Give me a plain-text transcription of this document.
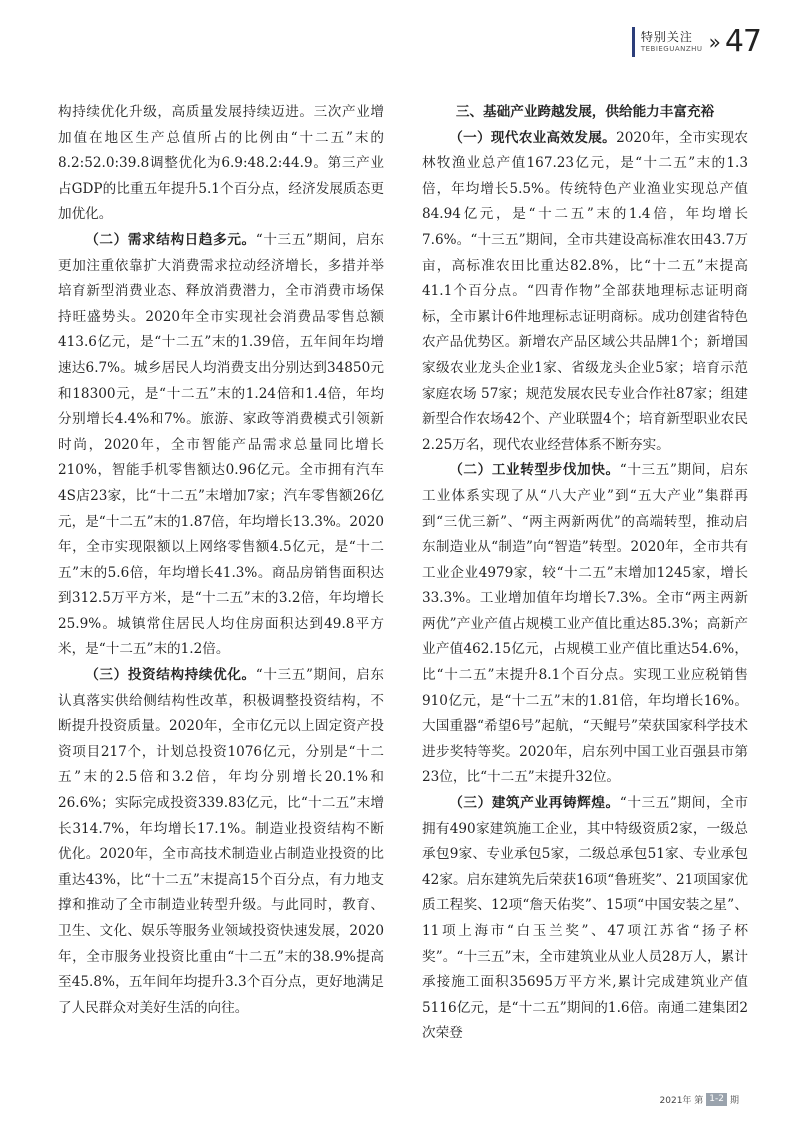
特别关注
TEBIEGUANZHU » 47

构持续优化升级，高质量发展持续迈进。三次产业增加值在地区生产总值所占的比例由“十二五”末的8.2:52.0:39.8调整优化为6.9:48.2:44.9。第三产业占GDP的比重五年提升5.1个百分点，经济发展质态更加优化。

（二）需求结构日趋多元。“十三五”期间，启东更加注重依靠扩大消费需求拉动经济增长，多措并举培育新型消费业态、释放消费潜力，全市消费市场保持旺盛势头。2020年全市实现社会消费品零售总额413.6亿元，是“十二五”末的1.39倍，五年间年均增速达6.7%。城乡居民人均消费支出分别达到34850元和18300元，是“十二五”末的1.24倍和1.4倍，年均分别增长4.4%和7%。旅游、家政等消费模式引领新时尚，2020年，全市智能产品需求总量同比增长210%，智能手机零售额达0.96亿元。全市拥有汽车4S店23家，比“十二五”末增加7家；汽车零售额26亿元，是“十二五”末的1.87倍，年均增长13.3%。2020年，全市实现限额以上网络零售额4.5亿元，是“十二五”末的5.6倍，年均增长41.3%。商品房销售面积达到312.5万平方米，是“十二五”末的3.2倍，年均增长25.9%。城镇常住居民人均住房面积达到49.8平方米，是“十二五”末的1.2倍。

（三）投资结构持续优化。“十三五”期间，启东认真落实供给侧结构性改革，积极调整投资结构，不断提升投资质量。2020年，全市亿元以上固定资产投资项目217个，计划总投资1076亿元，分别是“十二五”末的2.5倍和3.2倍，年均分别增长20.1%和26.6%；实际完成投资339.83亿元，比“十二五”末增长314.7%，年均增长17.1%。制造业投资结构不断优化。2020年，全市高技术制造业占制造业投资的比重达43%，比“十二五”末提高15个百分点，有力地支撑和推动了全市制造业转型升级。与此同时，教育、卫生、文化、娱乐等服务业领域投资快速发展，2020年，全市服务业投资比重由“十二五”末的38.9%提高至45.8%，五年间年均提升3.3个百分点，更好地满足了人民群众对美好生活的向往。

三、基础产业跨越发展，供给能力丰富充裕

（一）现代农业高效发展。2020年，全市实现农林牧渔业总产值167.23亿元，是“十二五”末的1.3倍，年均增长5.5%。传统特色产业渔业实现总产值84.94亿元，是“十二五”末的1.4倍，年均增长7.6%。“十三五”期间，全市共建设高标准农田43.7万亩，高标准农田比重达82.8%，比“十二五”末提高41.1个百分点。“四青作物”全部获地理标志证明商标，全市累计6件地理标志证明商标。成功创建省特色农产品优势区。新增农产品区域公共品牌1个；新增国家级农业龙头企业1家、省级龙头企业5家；培育示范家庭农场 57家；规范发展农民专业合作社87家；组建新型合作农场42个、产业联盟4个；培育新型职业农民2.25万名，现代农业经营体系不断夯实。

（二）工业转型步伐加快。“十三五”期间，启东工业体系实现了从“八大产业”到“五大产业”集群再到“三优三新”、“两主两新两优”的高端转型，推动启东制造业从“制造”向“智造”转型。2020年，全市共有工业企业4979家，较“十二五”末增加1245家，增长33.3%。工业增加值年均增长7.3%。全市“两主两新两优”产业产值占规模工业产值比重达85.3%；高新产业产值462.15亿元，占规模工业产值比重达54.6%，比“十二五”末提升8.1个百分点。实现工业应税销售910亿元，是“十二五”末的1.81倍，年均增长16%。大国重器“希望6号”起航，“天鲲号”荣获国家科学技术进步奖特等奖。2020年，启东列中国工业百强县市第23位，比“十二五”末提升32位。

（三）建筑产业再铸辉煌。“十三五”期间，全市拥有490家建筑施工企业，其中特级资质2家，一级总承包9家、专业承包5家，二级总承包51家、专业承包42家。启东建筑先后荣获16项“鲁班奖”、21项国家优质工程奖、12项“詹天佑奖”、15项“中国安装之星”、11项上海市“白玉兰奖”、47项江苏省“扬子杯奖”。“十三五”末，全市建筑业从业人员28万人，累计承接施工面积35695万平方米,累计完成建筑业产值5116亿元，是“十二五”期间的1.6倍。南通二建集团2次荣登

2021年 第 1-2 期
